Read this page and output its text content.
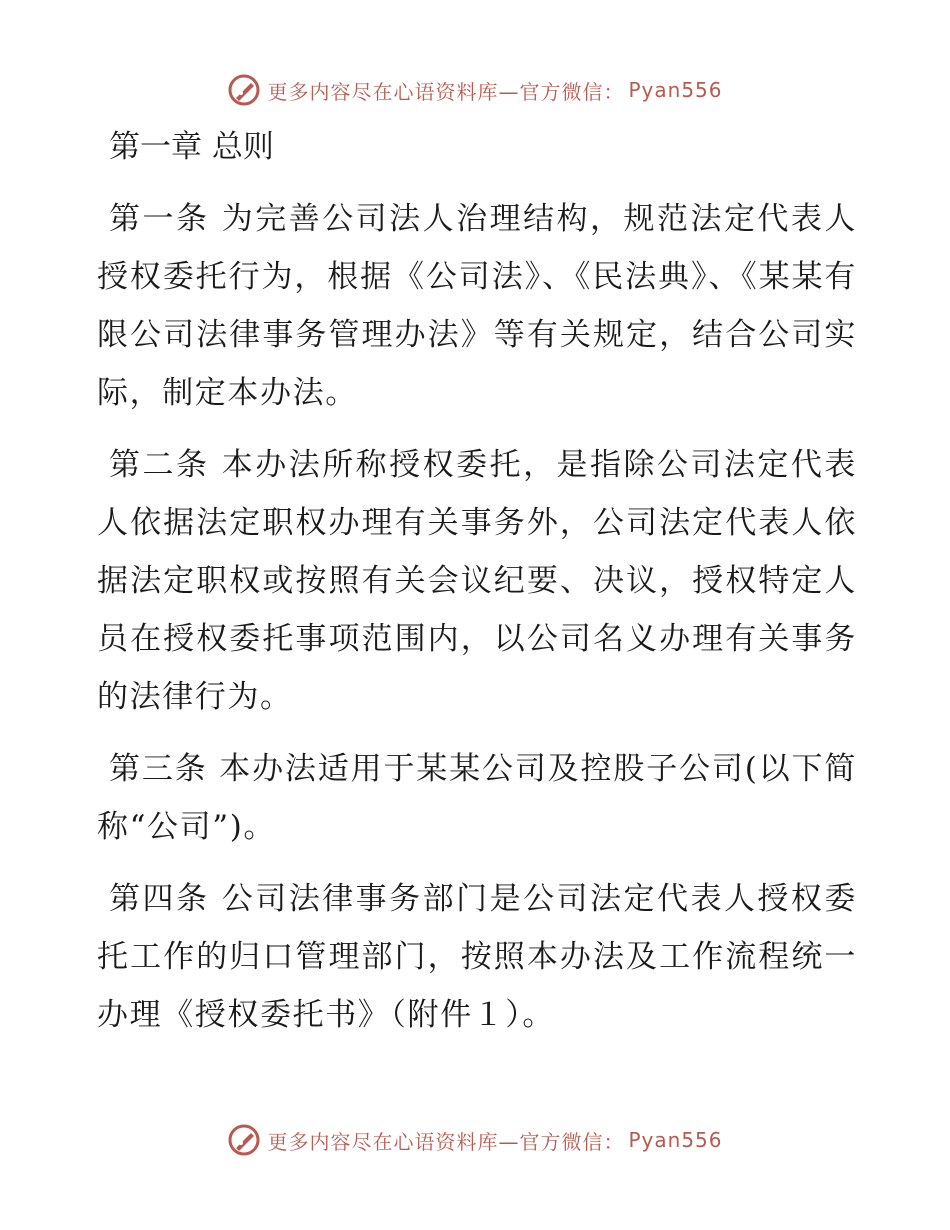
更多内容尽在心语资料库—官方微信： Pyan556
第一章 总则

第一条 为完善公司法人治理结构，规范法定代表人授权委托行为，根据《公司法》、《民法典》、《某某有限公司法律事务管理办法》等有关规定，结合公司实际，制定本办法。

第二条 本办法所称授权委托，是指除公司法定代表人依据法定职权办理有关事务外，公司法定代表人依据法定职权或按照有关会议纪要、决议，授权特定人员在授权委托事项范围内，以公司名义办理有关事务的法律行为。

第三条 本办法适用于某某公司及控股子公司(以下简称“公司”)。

第四条 公司法律事务部门是公司法定代表人授权委托工作的归口管理部门，按照本办法及工作流程统一办理《授权委托书》（附件１）。

更多内容尽在心语资料库—官方微信： Pyan556
